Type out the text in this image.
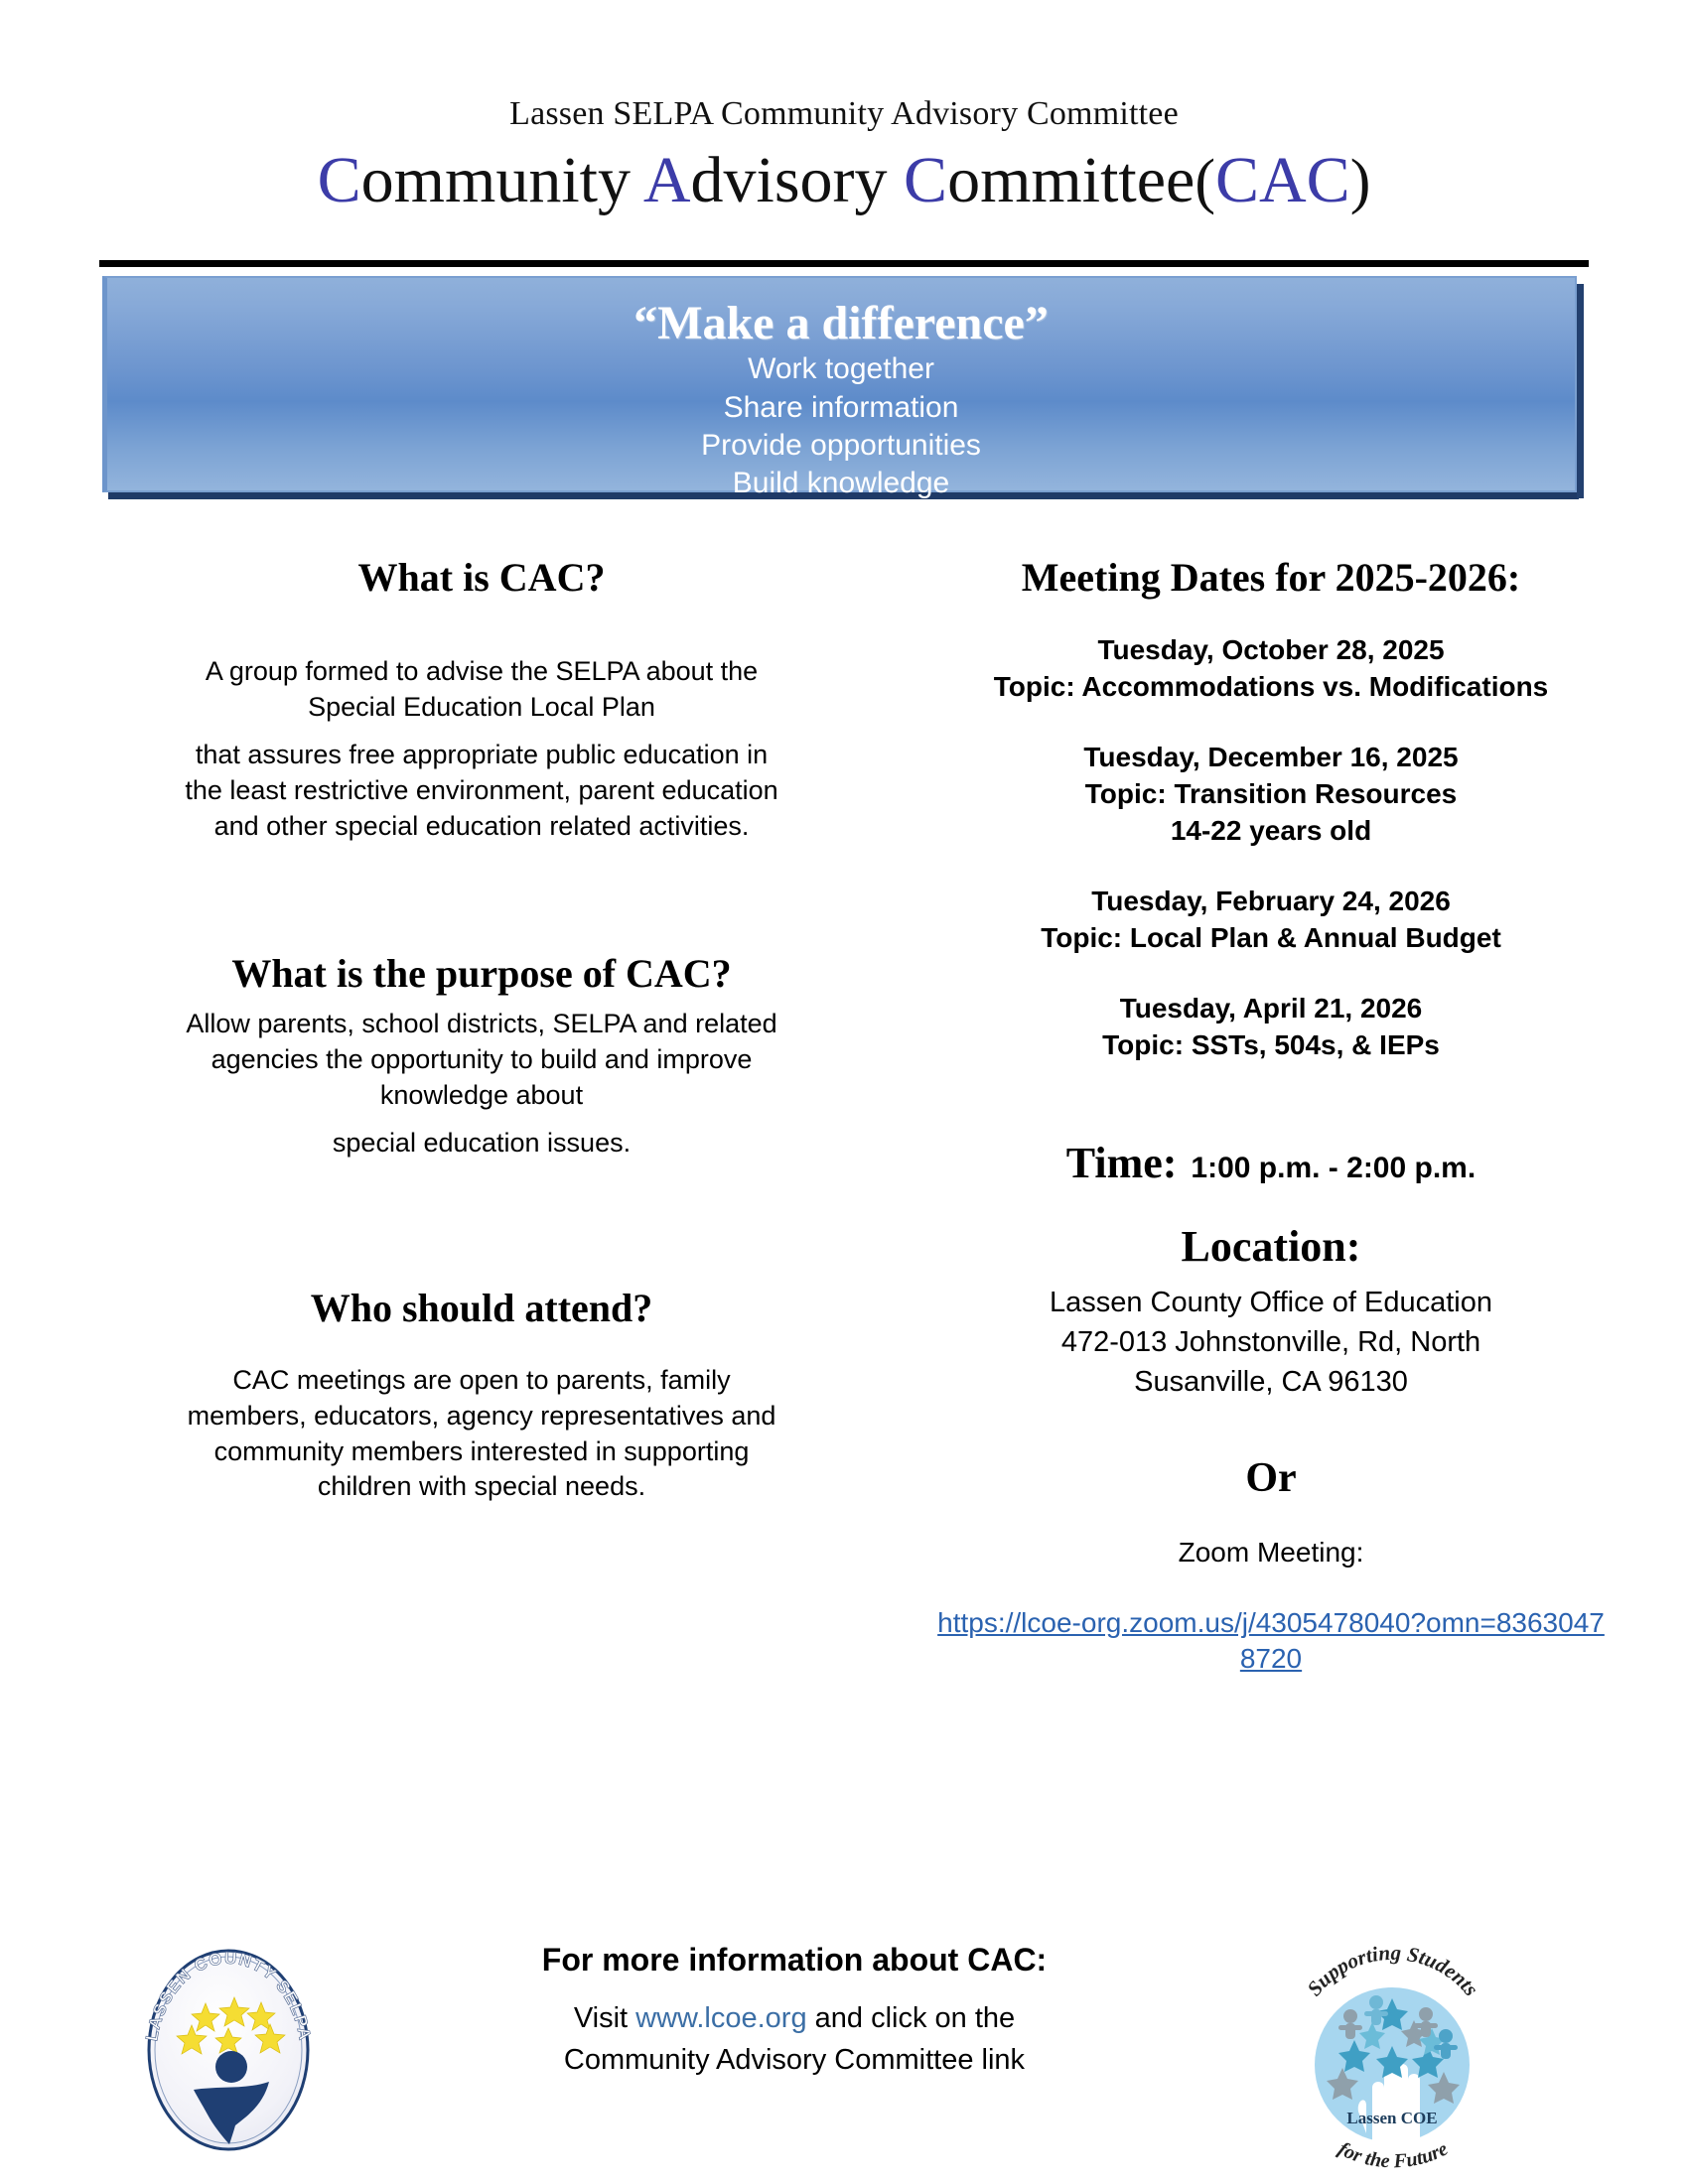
Lassen SELPA Community Advisory Committee
Community Advisory Committee(CAC)
“Make a difference”
Work together
Share information
Provide opportunities
Build knowledge
What is CAC?

A group formed to advise the SELPA about the Special Education Local Plan

that assures free appropriate public education in the least restrictive environment, parent education and other special education related activities.

What is the purpose of CAC?

Allow parents, school districts, SELPA and related agencies the opportunity to build and improve knowledge about

special education issues.

Who should attend?

CAC meetings are open to parents, family members, educators, agency representatives and community members interested in supporting children with special needs.

Meeting Dates for 2025-2026:

Tuesday, October 28, 2025

Topic: Accommodations vs. Modifications

Tuesday, December 16, 2025

Topic: Transition Resources

14-22 years old

Tuesday, February 24, 2026

Topic: Local Plan & Annual Budget

Tuesday, April 21, 2026

Topic: SSTs, 504s, & IEPs

Time: 1:00 p.m. - 2:00 p.m.
Location:
Lassen County Office of Education
472-013 Johnstonville, Rd, North
Susanville, CA 96130
Or
Zoom Meeting:
https://lcoe-org.zoom.us/j/4305478040?omn=83630478720
For more information about CAC:
Visit www.lcoe.org and click on the
Community Advisory Committee link
LASSEN COUNTY SELPA
Lassen COE
Supporting Students
for the Future
